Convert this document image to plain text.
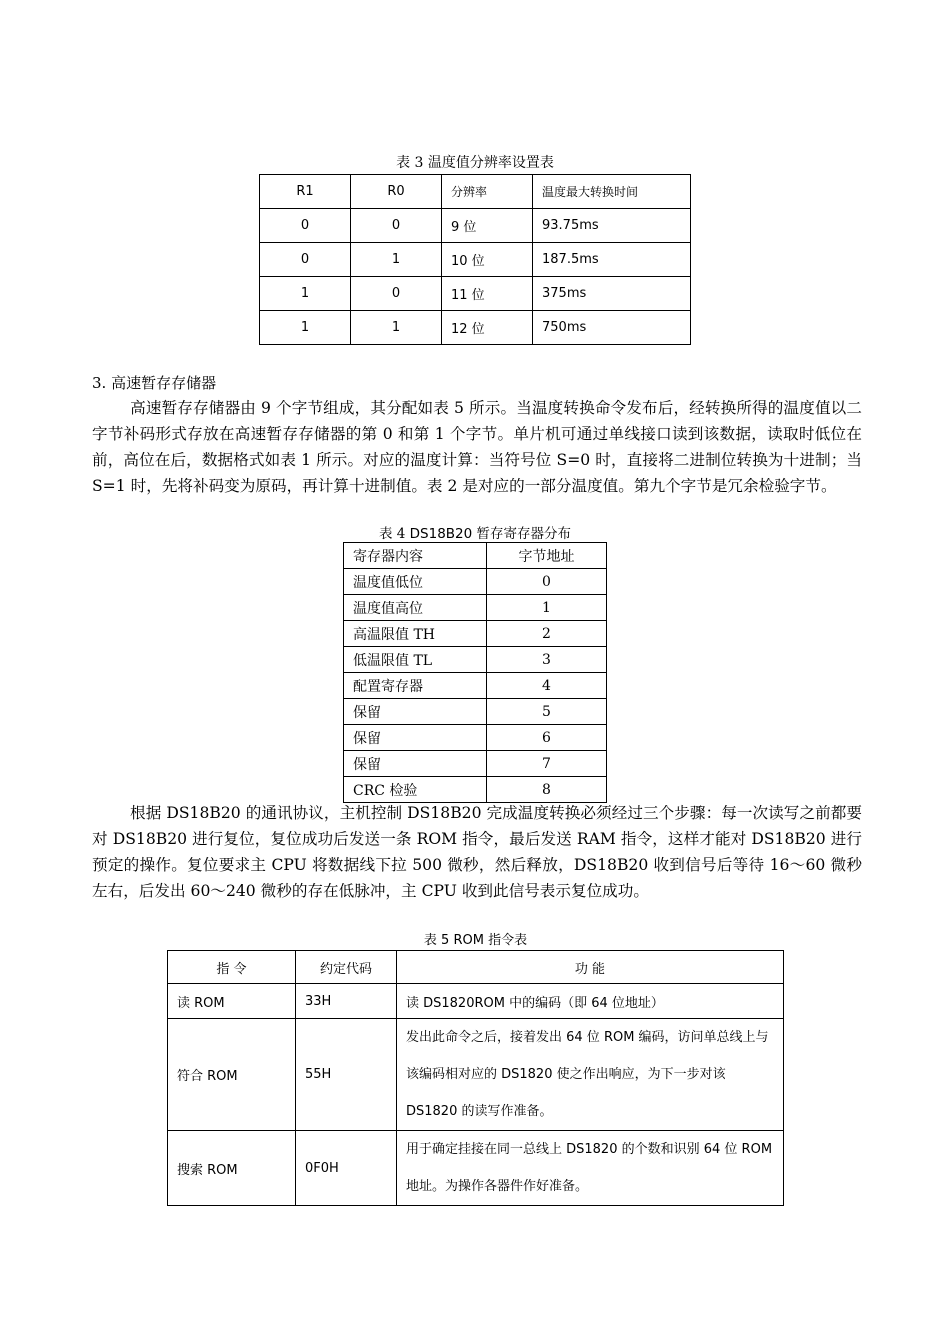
表 3 温度值分辨率设置表
R1	R0	分辨率	温度最大转换时间
0	0	9 位	93.75ms
0	1	10 位	187.5ms
1	0	11 位	375ms
1	1	12 位	750ms
3. 高速暂存存储器

高速暂存存储器由 9 个字节组成，其分配如表 5 所示。当温度转换命令发布后，经转换所得的温度值以二字节补码形式存放在高速暂存存储器的第 0 和第 1 个字节。单片机可通过单线接口读到该数据，读取时低位在前，高位在后，数据格式如表 1 所示。对应的温度计算：当符号位 S=0 时，直接将二进制位转换为十进制；当 S=1 时，先将补码变为原码，再计算十进制值。表 2 是对应的一部分温度值。第九个字节是冗余检验字节。

表 4 DS18B20 暂存寄存器分布
寄存器内容	字节地址
温度值低位	0
温度值高位	1
高温限值 TH	2
低温限值 TL	3
配置寄存器	4
保留	5
保留	6
保留	7
CRC 检验	8

根据 DS18B20 的通讯协议，主机控制 DS18B20 完成温度转换必须经过三个步骤：每一次读写之前都要对 DS18B20 进行复位，复位成功后发送一条 ROM 指令，最后发送 RAM 指令，这样才能对 DS18B20 进行预定的操作。复位要求主 CPU 将数据线下拉 500 微秒，然后释放，DS18B20 收到信号后等待 16～60 微秒左右，后发出 60～240 微秒的存在低脉冲，主 CPU 收到此信号表示复位成功。

表 5 ROM 指令表
指 令	约定代码	功 能
读 ROM	33H	读 DS1820ROM 中的编码（即 64 位地址）
符合 ROM	55H	发出此命令之后，接着发出 64 位 ROM 编码，访问单总线上与该编码相对应的 DS1820 使之作出响应，为下一步对该 DS1820 的读写作准备。
搜索 ROM	0F0H	用于确定挂接在同一总线上 DS1820 的个数和识别 64 位 ROM 地址。为操作各器件作好准备。
